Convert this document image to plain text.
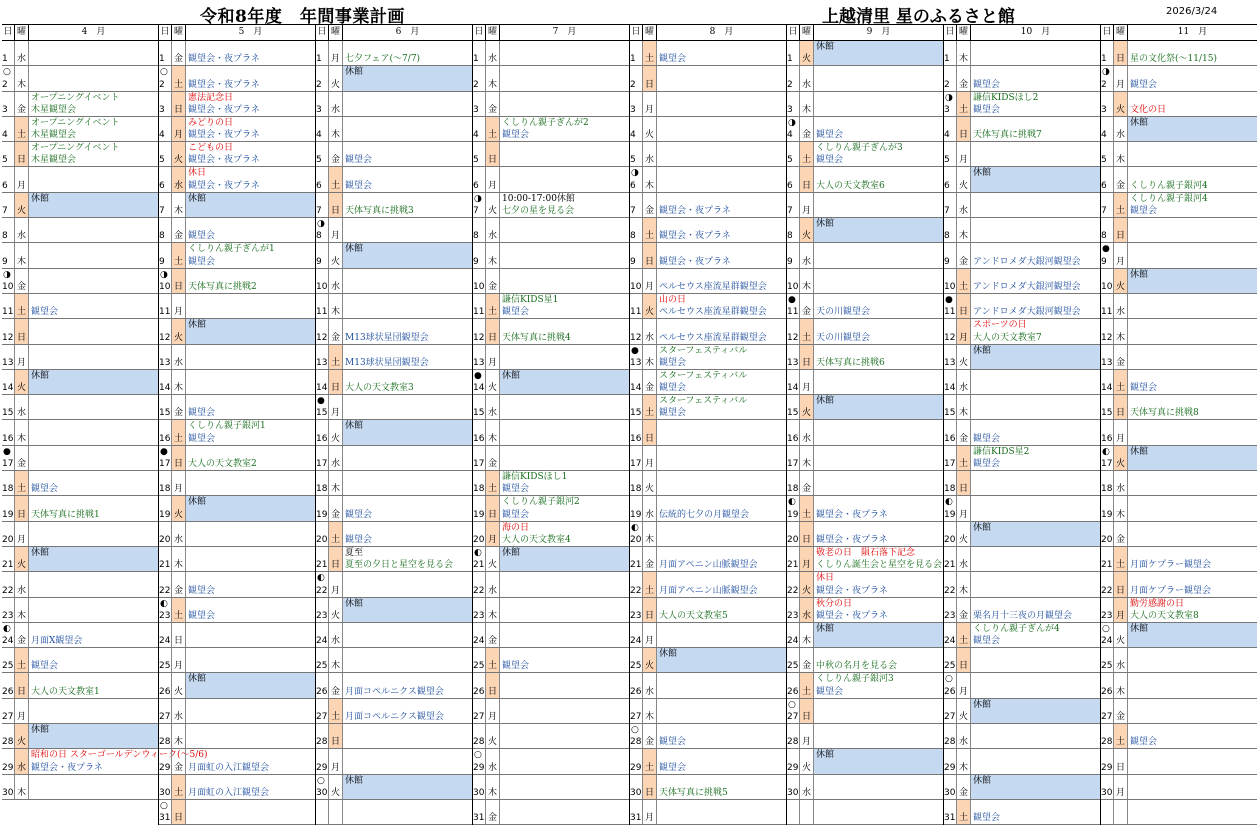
令和8年度　年間事業計画	上越清里 星のふるさと館	2026/3/24
日 曜	4　月
1	水
○
2	木
3	金
オープニングイベント
木星観望会
4	土
オープニングイベント
木星観望会
5	日
オープニングイベント
木星観望会
6	月
7	火
休館
8	水
9	木
◑
10 金
11 土 観望会
12 日
13 月
14 火
休館
15 水
16 木
●
17 金
18 土 観望会
19 日 天体写真に挑戦1
20 月
21 火
休館
22 水
23 木
◐
24 金 月面X観望会
25 土 観望会
26 日 大人の天文教室1
27 月
28 火
休館
29 水
昭和の日 スターゴールデンウィーク(～5/6)
観望会・夜プラネ
30 木
日 曜	5　月
1	金 観望会・夜プラネ
○
2	土 観望会・夜プラネ
3	日
憲法記念日
観望会・夜プラネ
4	月
みどりの日
観望会・夜プラネ
5	火
こどもの日
観望会・夜プラネ
6	水
休日
観望会・夜プラネ
7	木
休館
8	金 観望会
9	土
くしりん親子ぎんが1
観望会
◑
10 日 天体写真に挑戦2
11 月
12 火
休館
13 水
14 木
15 金 観望会
16 土
くしりん親子銀河1
観望会
●
17 日 大人の天文教室2
18 月
19 火
休館
20 水
21 木
22 金 観望会
◐
23 土 観望会
24 日
25 月
26 火
休館
27 水
28 木
29 金 月面虹の入江観望会
30 土 月面虹の入江観望会
○
31 日
日 曜	6　月
1	月 七夕フェア(～7/7)
2	火
休館
3	水
4	木
5	金 観望会
6	土 観望会
7	日 天体写真に挑戦3
◑
8	月
9	火
休館
10 水
11 木
12 金 M13球状星団観望会
13 土 M13球状星団観望会
14 日 大人の天文教室3
●
15 月
16 火
休館
17 水
18 木
19 金 観望会
20 土 観望会
21 日
夏至
夏至の夕日と星空を見る会
◐
22 月
23 火
休館
24 水
25 木
26 金 月面コペルニクス観望会
27 土 月面コペルニクス観望会
28 日
29 月
○
30 火
休館
日 曜	7　月
1	水
2	木
3	金
4	土
くしりん親子ぎんが2
観望会
5	日
6	月
◑
7	火
10:00-17:00休館
七夕の星を見る会
8	水
9	木
10 金
11 土
謙信KIDS星1
観望会
12 日 天体写真に挑戦4
13 月
●
14 火
休館
15 水
16 木
17 金
18 土
謙信KIDSほし1
観望会
19 日
くしりん親子銀河2
観望会
20 月
海の日
大人の天文教室4
◐
21 火
休館
22 水
23 木
24 金
25 土 観望会
26 日
27 月
28 火
○
29 水
30 木
31 金
日 曜	8　月
1	土 観望会
2	日
3	月
4	火
5	水
◑
6	木
7	金 観望会・夜プラネ
8	土 観望会・夜プラネ
9	日 観望会・夜プラネ
10 月 ペルセウス座流星群観望会
11 火
山の日
ペルセウス座流星群観望会
12 水 ペルセウス座流星群観望会
●
13 木
スターフェスティバル
観望会
14 金
スターフェスティバル
観望会
15 土
スターフェスティバル
観望会
16 日
17 月
18 火
19 水 伝統的七夕の月観望会
◐
20 木
21 金 月面アペニン山脈観望会
22 土 月面アペニン山脈観望会
23 日 大人の天文教室5
24 月
25 火
休館
26 水
27 木
○
28 金 観望会
29 土 観望会
30 日 天体写真に挑戦5
31 月
日 曜	9　月
1	火
休館
2	水
3	木
◑
4	金 観望会
5	土
くしりん親子ぎんが3
観望会
6	日 大人の天文教室6
7	月
8	火
休館
9	水
10 木
●
11 金 天の川観望会
12 土 天の川観望会
13 日 天体写真に挑戦6
14 月
15 火
休館
16 水
17 木
18 金
◐
19 土 観望会・夜プラネ
20 日 観望会・夜プラネ
21 月
敬老の日　隕石落下記念
くしりん誕生会と星空を見る会
22 火
休日
観望会・夜プラネ
23 水
秋分の日
観望会・夜プラネ
24 木
休館
25 金 中秋の名月を見る会
26 土
くしりん親子銀河3
観望会
○
27 日
28 月
29 火
休館
30 水
日 曜	10　月
1	木
2	金 観望会
◑
3	土
謙信KIDSほし2
観望会
4	日 天体写真に挑戦7
5	月
6	火
休館
7	水
8	木
9	金 アンドロメダ大銀河観望会
10 土 アンドロメダ大銀河観望会
●
11 日 アンドロメダ大銀河観望会
12 月
スポーツの日
大人の天文教室7
13 火
休館
14 水
15 木
16 金 観望会
17 土
謙信KIDS星2
観望会
18 日
◐
19 月
20 火
休館
21 水
22 木
23 金 栗名月十三夜の月観望会
24 土
くしりん親子ぎんが4
観望会
25 日
○
26 月
27 火
休館
28 水
29 木
30 金
休館
31 土 観望会
日 曜	11　月
1	日 星の文化祭(～11/15)
◑
2	月 観望会
3	火 文化の日
4	水
休館
5	木
6	金 くしりん親子銀河4
7	土
くしりん親子銀河4
観望会
8	日
●
9	月
10 火
休館
11 水
12 木
13 金
14 土 観望会
15 日 天体写真に挑戦8
16 月
◐
17 火
休館
18 水
19 木
20 金
21 土 月面ケプラー観望会
22 日 月面ケプラー観望会
23 月
勤労感謝の日
大人の天文教室8
○
24 火
休館
25 水
26 木
27 金
28 土 観望会
29 日
30 月
